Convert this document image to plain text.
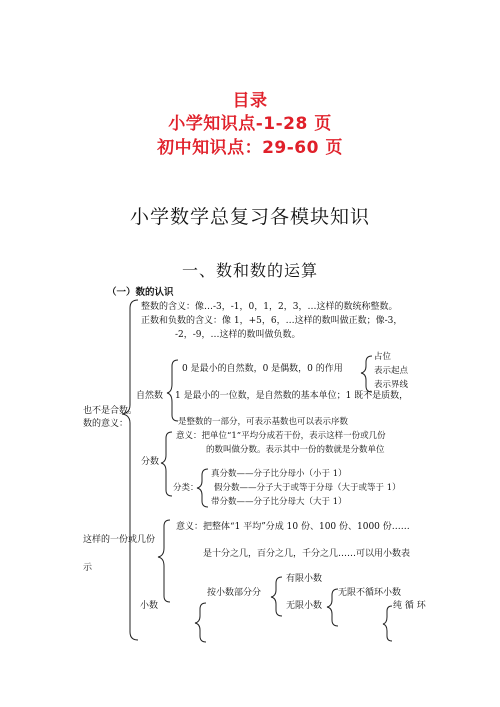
目录
小学知识点-1-28 页
初中知识点：29-60 页
小学数学总复习各模块知识
一、数和数的运算
（一）数的认识
整数的含义：像…-3，-1，0，1，2，3，…这样的数统称整数。
正数和负数的含义：像 1，+5，6，…这样的数叫做正数；像-3，
-2，-9，…这样的数叫做负数。
0 是最小的自然数，0 是偶数，0 的作用
占位
表示起点
表示界线
自然数 1 是最小的一位数，是自然数的基本单位；1 既不是质数，
也不是合数。
数的意义：	是整数的一部分，可表示基数也可以表示序数
意义：把单位“1”平均分成若干份，表示这样一份或几份
的数叫做分数。表示其中一份的数就是分数单位
分数
真分数——分子比分母小（小于 1）
分类： 假分数——分子大于或等于分母（大于或等于 1）
带分数——分子比分母大（大于 1）
意义：把整体“1 平均”分成 10 份、100 份、1000 份……
这样的一份或几份
是十分之几，百分之几，千分之几……可以用小数表
示
有限小数
按小数部分分	无限不循环小数
小数	无限小数	纯 循 环
